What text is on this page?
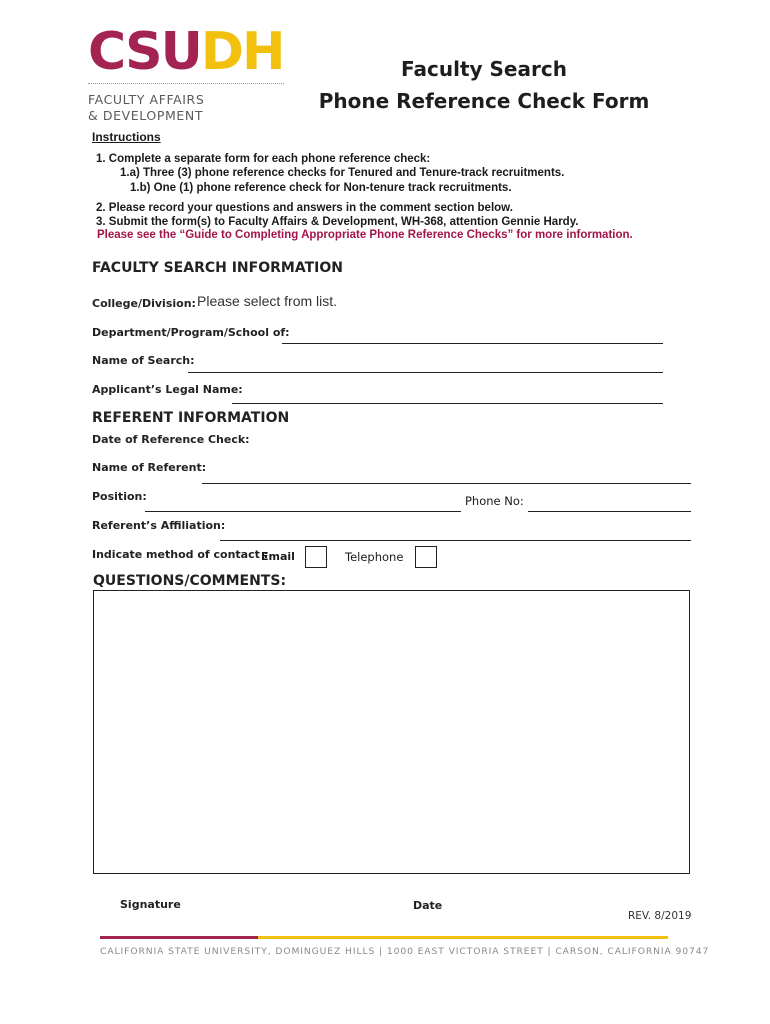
CSUDH
FACULTY AFFAIRS
& DEVELOPMENT
Faculty Search
Phone Reference Check Form
Instructions
1. Complete a separate form for each phone reference check:
1.a) Three (3) phone reference checks for Tenured and Tenure-track recruitments.
1.b) One (1) phone reference check for Non-tenure track recruitments.
2. Please record your questions and answers in the comment section below.
3. Submit the form(s) to Faculty Affairs & Development, WH-368, attention Gennie Hardy.
Please see the “Guide to Completing Appropriate Phone Reference Checks” for more information.
FACULTY SEARCH INFORMATION
College/Division: Please select from list.
Department/Program/School of:
Name of Search:
Applicant’s Legal Name:
REFERENT INFORMATION
Date of Reference Check:
Name of Referent:
Position:	Phone No:
Referent’s Affiliation:
Indicate method of contact :
Email	Telephone
QUESTIONS/COMMENTS:
Signature	Date
REV. 8/2019
CALIFORNIA STATE UNIVERSITY, DOMINGUEZ HILLS | 1000 EAST VICTORIA STREET | CARSON, CALIFORNIA 90747
